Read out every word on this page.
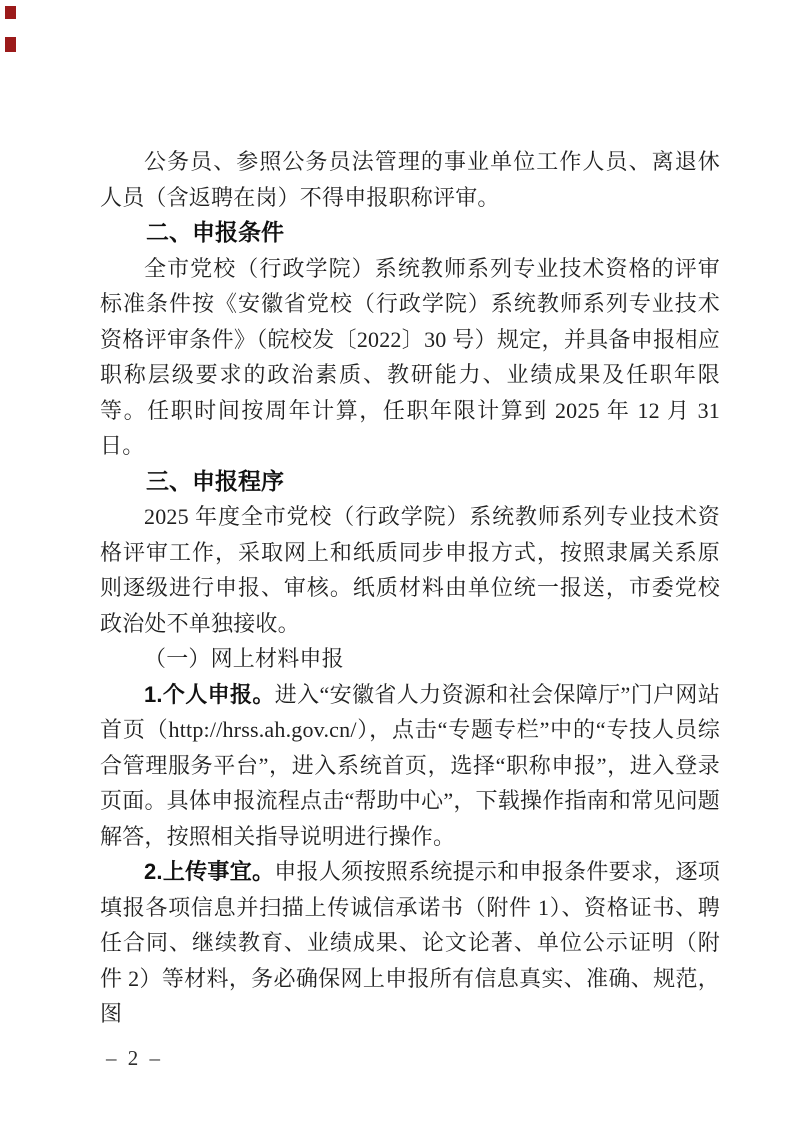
公务员、参照公务员法管理的事业单位工作人员、离退休人员（含返聘在岗）不得申报职称评审。

二、申报条件

全市党校（行政学院）系统教师系列专业技术资格的评审标准条件按《安徽省党校（行政学院）系统教师系列专业技术资格评审条件》（皖校发〔2022〕30 号）规定，并具备申报相应职称层级要求的政治素质、教研能力、业绩成果及任职年限等。任职时间按周年计算，任职年限计算到 2025 年 12 月 31 日。

三、申报程序

2025 年度全市党校（行政学院）系统教师系列专业技术资格评审工作，采取网上和纸质同步申报方式，按照隶属关系原则逐级进行申报、审核。纸质材料由单位统一报送，市委党校政治处不单独接收。

（一）网上材料申报

1.个人申报。进入“安徽省人力资源和社会保障厅”门户网站首页（http://hrss.ah.gov.cn/），点击“专题专栏”中的“专技人员综合管理服务平台”，进入系统首页，选择“职称申报”，进入登录页面。具体申报流程点击“帮助中心”，下载操作指南和常见问题解答，按照相关指导说明进行操作。

2.上传事宜。申报人须按照系统提示和申报条件要求，逐项填报各项信息并扫描上传诚信承诺书（附件 1）、资格证书、聘任合同、继续教育、业绩成果、论文论著、单位公示证明（附件 2）等材料，务必确保网上申报所有信息真实、准确、规范，图

– 2 –
